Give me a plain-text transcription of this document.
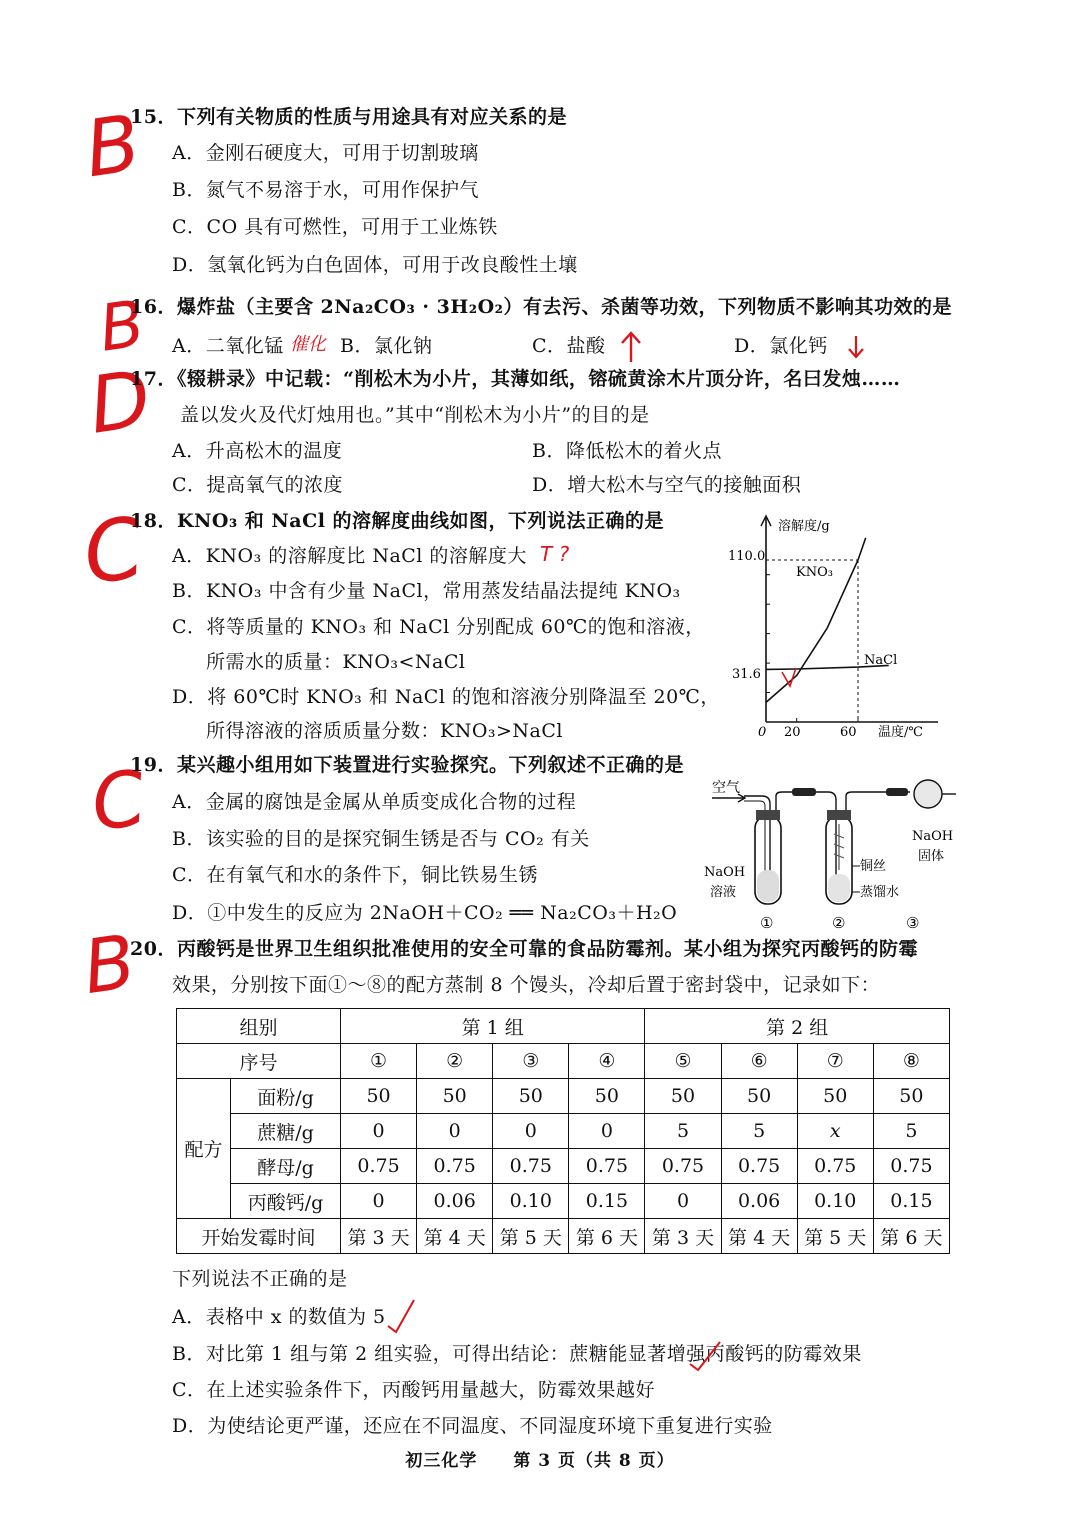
B
15．下列有关物质的性质与用途具有对应关系的是
A．金刚石硬度大，可用于切割玻璃
B．氮气不易溶于水，可用作保护气
C．CO 具有可燃性，可用于工业炼铁
D．氢氧化钙为白色固体，可用于改良酸性土壤
B
16．爆炸盐（主要含 2Na₂CO₃ · 3H₂O₂）有去污、杀菌等功效，下列物质不影响其功效的是
A．二氧化锰 催化 B．氯化钠	C．盐酸	D．氯化钙
D
17．《辍耕录》中记载：“削松木为小片，其薄如纸，镕硫黄涂木片顶分许，名曰发烛……
盖以发火及代灯烛用也。”其中“削松木为小片”的目的是
A．升高松木的温度	B．降低松木的着火点
C．提高氧气的浓度	D．增大松木与空气的接触面积
C
18．KNO₃ 和 NaCl 的溶解度曲线如图，下列说法正确的是
A．KNO₃ 的溶解度比 NaCl 的溶解度大 T ?
B．KNO₃ 中含有少量 NaCl，常用蒸发结晶法提纯 KNO₃
C．将等质量的 KNO₃ 和 NaCl 分别配成 60℃的饱和溶液，
所需水的质量：KNO₃<NaCl
D．将 60℃时 KNO₃ 和 NaCl 的饱和溶液分别降温至 20℃，
所得溶液的溶质质量分数：KNO₃>NaCl
溶解度/g
温度/℃
0 20	60
110.0
31.6
KNO₃
NaCl
C
19．某兴趣小组用如下装置进行实验探究。下列叙述不正确的是
A．金属的腐蚀是金属从单质变成化合物的过程
B．该实验的目的是探究铜生锈是否与 CO₂ 有关
C．在有氧气和水的条件下，铜比铁易生锈
D．①中发生的反应为 2NaOH＋CO₂ ══ Na₂CO₃＋H₂O
空气
NaOH
固体
NaOH
溶液
铜丝
蒸馏水
①	②	③
B
20．丙酸钙是世界卫生组织批准使用的安全可靠的食品防霉剂。某小组为探究丙酸钙的防霉
效果，分别按下面①～⑧的配方蒸制 8 个馒头，冷却后置于密封袋中，记录如下：
组别		第 1 组				第 2 组			
序号		①	②	③	④	⑤	⑥	⑦	⑧
配方	面粉/g	50	50	50	50	50	50	50	50
	蔗糖/g	0	0	0	0	5	5	x	5
	酵母/g	0.75	0.75	0.75	0.75	0.75	0.75	0.75	0.75
	丙酸钙/g	0	0.06	0.10	0.15	0	0.06	0.10	0.15
开始发霉时间		第 3 天	第 4 天	第 5 天	第 6 天	第 3 天	第 4 天	第 5 天	第 6 天
下列说法不正确的是
A．表格中 x 的数值为 5
B．对比第 1 组与第 2 组实验，可得出结论：蔗糖能显著增强丙酸钙的防霉效果
C．在上述实验条件下，丙酸钙用量越大，防霉效果越好
D．为使结论更严谨，还应在不同温度、不同湿度环境下重复进行实验
初三化学　　第 3 页（共 8 页）
